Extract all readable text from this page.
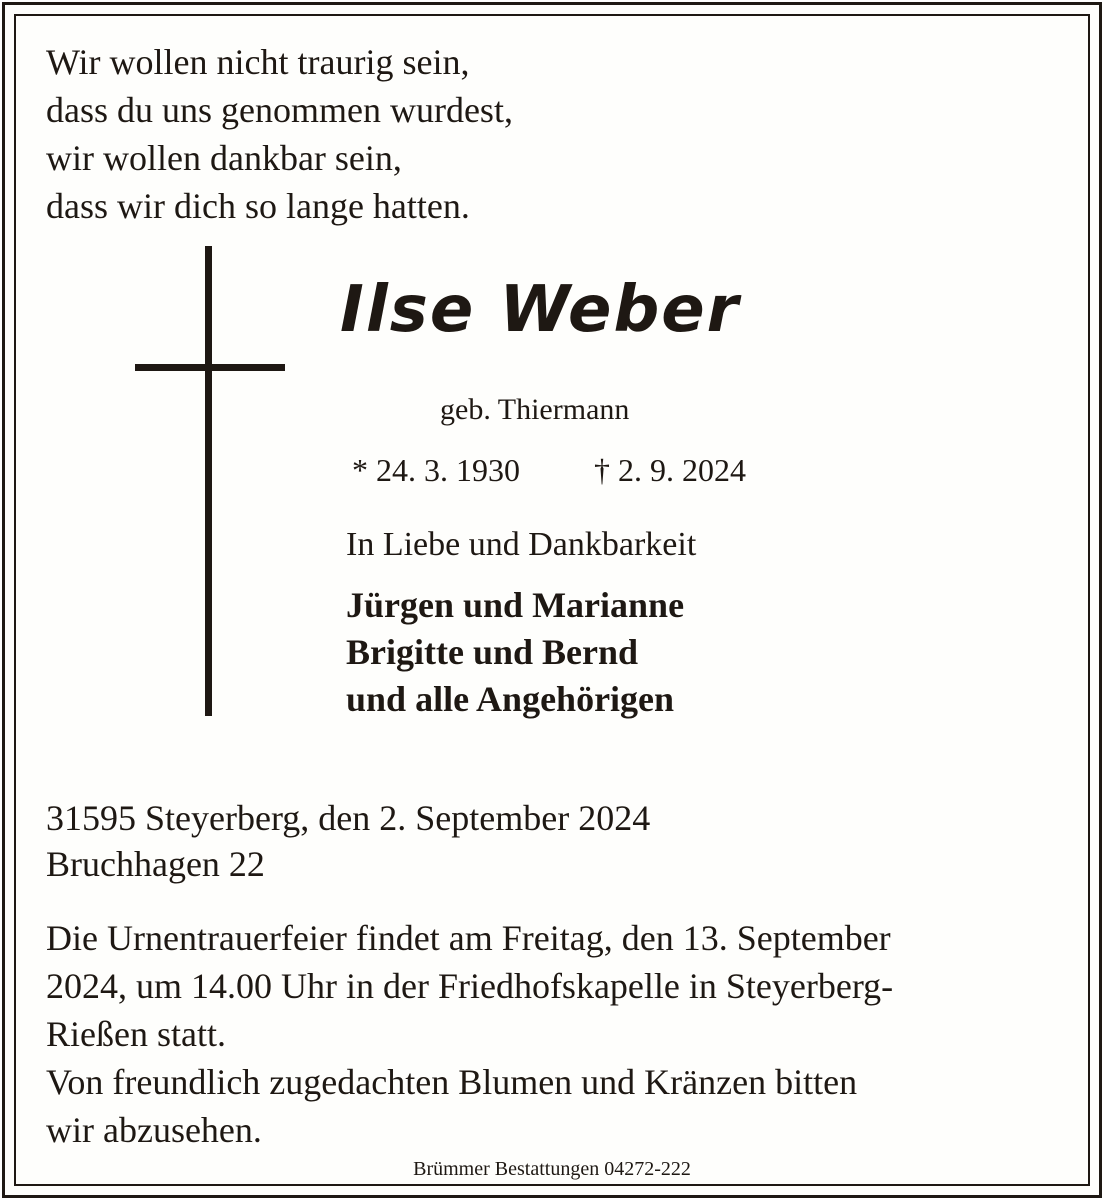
Wir wollen nicht traurig sein,
dass du uns genommen wurdest,
wir wollen dankbar sein,
dass wir dich so lange hatten.
Ilse Weber
geb. Thiermann
* 24. 3. 1930 † 2. 9. 2024
In Liebe und Dankbarkeit
Jürgen und Marianne
Brigitte und Bernd
und alle Angehörigen
31595 Steyerberg, den 2. September 2024
Bruchhagen 22
Die Urnentrauerfeier findet am Freitag, den 13. September
2024, um 14.00 Uhr in der Friedhofskapelle in Steyerberg-
Rießen statt.
Von freundlich zugedachten Blumen und Kränzen bitten
wir abzusehen.
Brümmer Bestattungen 04272-222
